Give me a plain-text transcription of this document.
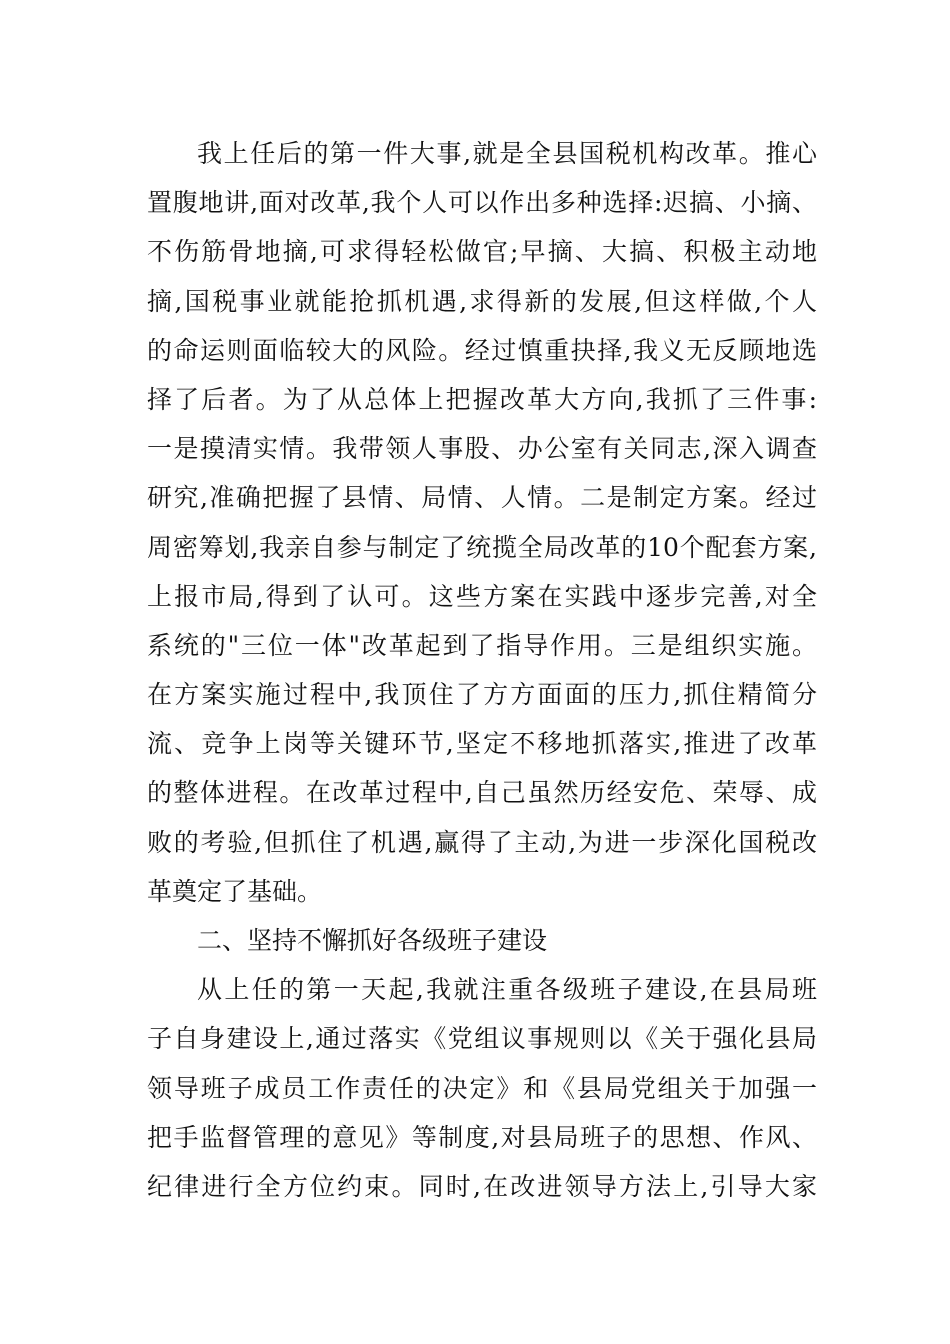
我上任后的第一件大事,就是全县国税机构改革。推心
置腹地讲,面对改革,我个人可以作出多种选择:迟搞、小摘、
不伤筋骨地摘,可求得轻松做官;早摘、大搞、积极主动地
摘,国税事业就能抢抓机遇,求得新的发展,但这样做,个人
的命运则面临较大的风险。经过慎重抉择,我义无反顾地选
择了后者。为了从总体上把握改革大方向,我抓了三件事:
一是摸清实情。我带领人事股、办公室有关同志,深入调查
研究,准确把握了县情、局情、人情。二是制定方案。经过
周密筹划,我亲自参与制定了统揽全局改革的10个配套方案,
上报市局,得到了认可。这些方案在实践中逐步完善,对全
系统的"三位一体"改革起到了指导作用。三是组织实施。
在方案实施过程中,我顶住了方方面面的压力,抓住精简分
流、竞争上岗等关键环节,坚定不移地抓落实,推进了改革
的整体进程。在改革过程中,自己虽然历经安危、荣辱、成
败的考验,但抓住了机遇,赢得了主动,为进一步深化国税改
革奠定了基础。
二、坚持不懈抓好各级班子建设
从上任的第一天起,我就注重各级班子建设,在县局班
子自身建设上,通过落实《党组议事规则以《关于强化县局
领导班子成员工作责任的决定》和《县局党组关于加强一
把手监督管理的意见》等制度,对县局班子的思想、作风、
纪律进行全方位约束。同时,在改进领导方法上,引导大家
